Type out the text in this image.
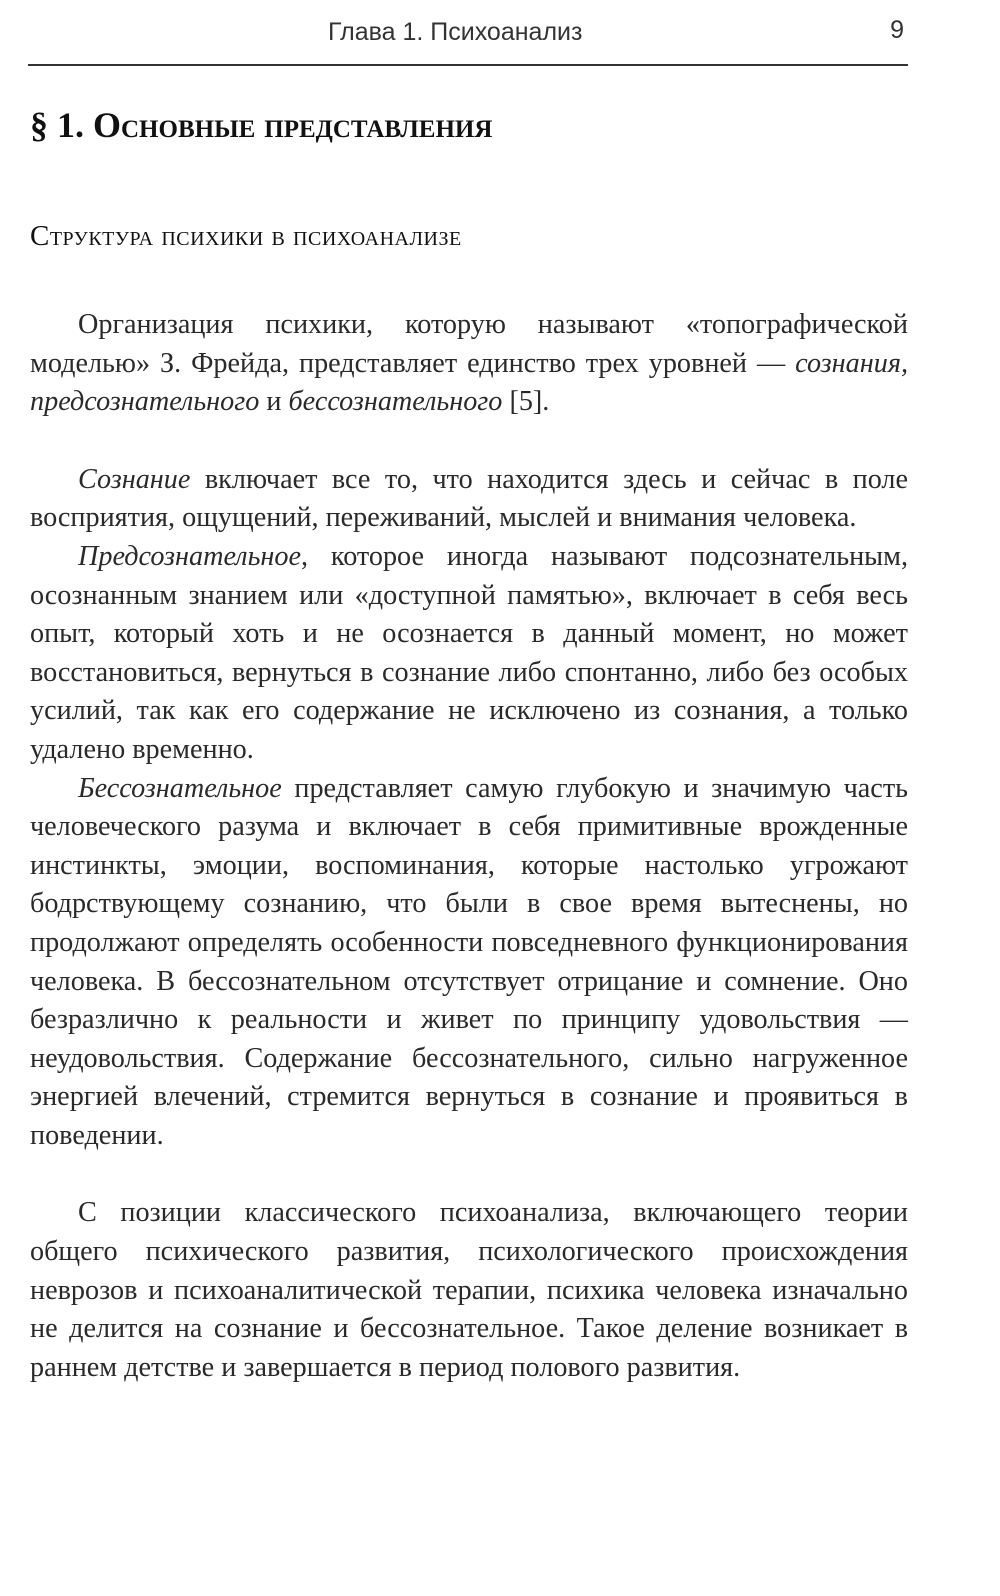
Глава 1. Психоанализ	9
§ 1. Основные представления
Структура психики в психоанализе

Организация психики, которую называют «топографической моделью» З. Фрейда, представляет единство трех уровней — сознания, предсознательного и бессознательного [5].

Сознание включает все то, что находится здесь и сейчас в поле восприятия, ощущений, переживаний, мыслей и внимания человека.

Предсознательное, которое иногда называют подсознательным, осознанным знанием или «доступной памятью», включает в себя весь опыт, который хоть и не осознается в данный момент, но может восстановиться, вернуться в сознание либо спонтанно, либо без особых усилий, так как его содержание не исключено из сознания, а только удалено временно.

Бессознательное представляет самую глубокую и значимую часть человеческого разума и включает в себя примитивные врожденные инстинкты, эмоции, воспоминания, которые настолько угрожают бодрствующему сознанию, что были в свое время вытеснены, но продолжают определять особенности повседневного функционирования человека. В бессознательном отсутствует отрицание и сомнение. Оно безразлично к реальности и живет по принципу удовольствия — неудовольствия. Содержание бессознательного, сильно нагруженное энергией влечений, стремится вернуться в сознание и проявиться в поведении.

С позиции классического психоанализа, включающего теории общего психического развития, психологического происхождения неврозов и психоаналитической терапии, психика человека изначально не делится на сознание и бессознательное. Такое деление возникает в раннем детстве и завершается в период полового развития.
